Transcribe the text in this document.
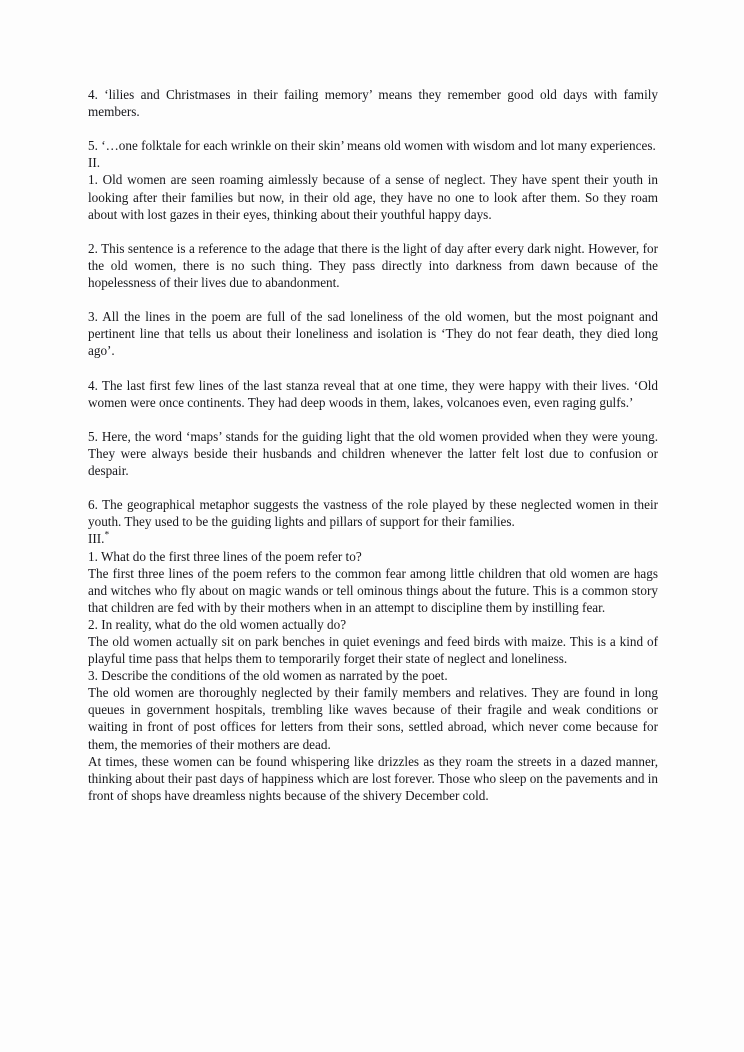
4. ‘lilies and Christmases in their failing memory’ means they remember good old days with family members.

5. ‘…one folktale for each wrinkle on their skin’ means old women with wisdom and lot many experiences.

II.

1. Old women are seen roaming aimlessly because of a sense of neglect. They have spent their youth in looking after their families but now, in their old age, they have no one to look after them. So they roam about with lost gazes in their eyes, thinking about their youthful happy days.

2. This sentence is a reference to the adage that there is the light of day after every dark night. However, for the old women, there is no such thing. They pass directly into darkness from dawn because of the hopelessness of their lives due to abandonment.

3. All the lines in the poem are full of the sad loneliness of the old women, but the most poignant and pertinent line that tells us about their loneliness and isolation is ‘They do not fear death, they died long ago’.

4. The last first few lines of the last stanza reveal that at one time, they were happy with their lives. ‘Old women were once continents. They had deep woods in them, lakes, volcanoes even, even raging gulfs.’

5. Here, the word ‘maps’ stands for the guiding light that the old women provided when they were young. They were always beside their husbands and children whenever the latter felt lost due to confusion or despair.

6. The geographical metaphor suggests the vastness of the role played by these neglected women in their youth. They used to be the guiding lights and pillars of support for their families.

III.*

1. What do the first three lines of the poem refer to?

The first three lines of the poem refers to the common fear among little children that old women are hags and witches who fly about on magic wands or tell ominous things about the future. This is a common story that children are fed with by their mothers when in an attempt to discipline them by instilling fear.

2. In reality, what do the old women actually do?

The old women actually sit on park benches in quiet evenings and feed birds with maize. This is a kind of playful time pass that helps them to temporarily forget their state of neglect and loneliness.

3. Describe the conditions of the old women as narrated by the poet.

The old women are thoroughly neglected by their family members and relatives. They are found in long queues in government hospitals, trembling like waves because of their fragile and weak conditions or waiting in front of post offices for letters from their sons, settled abroad, which never come because for them, the memories of their mothers are dead.

At times, these women can be found whispering like drizzles as they roam the streets in a dazed manner, thinking about their past days of happiness which are lost forever. Those who sleep on the pavements and in front of shops have dreamless nights because of the shivery December cold.
